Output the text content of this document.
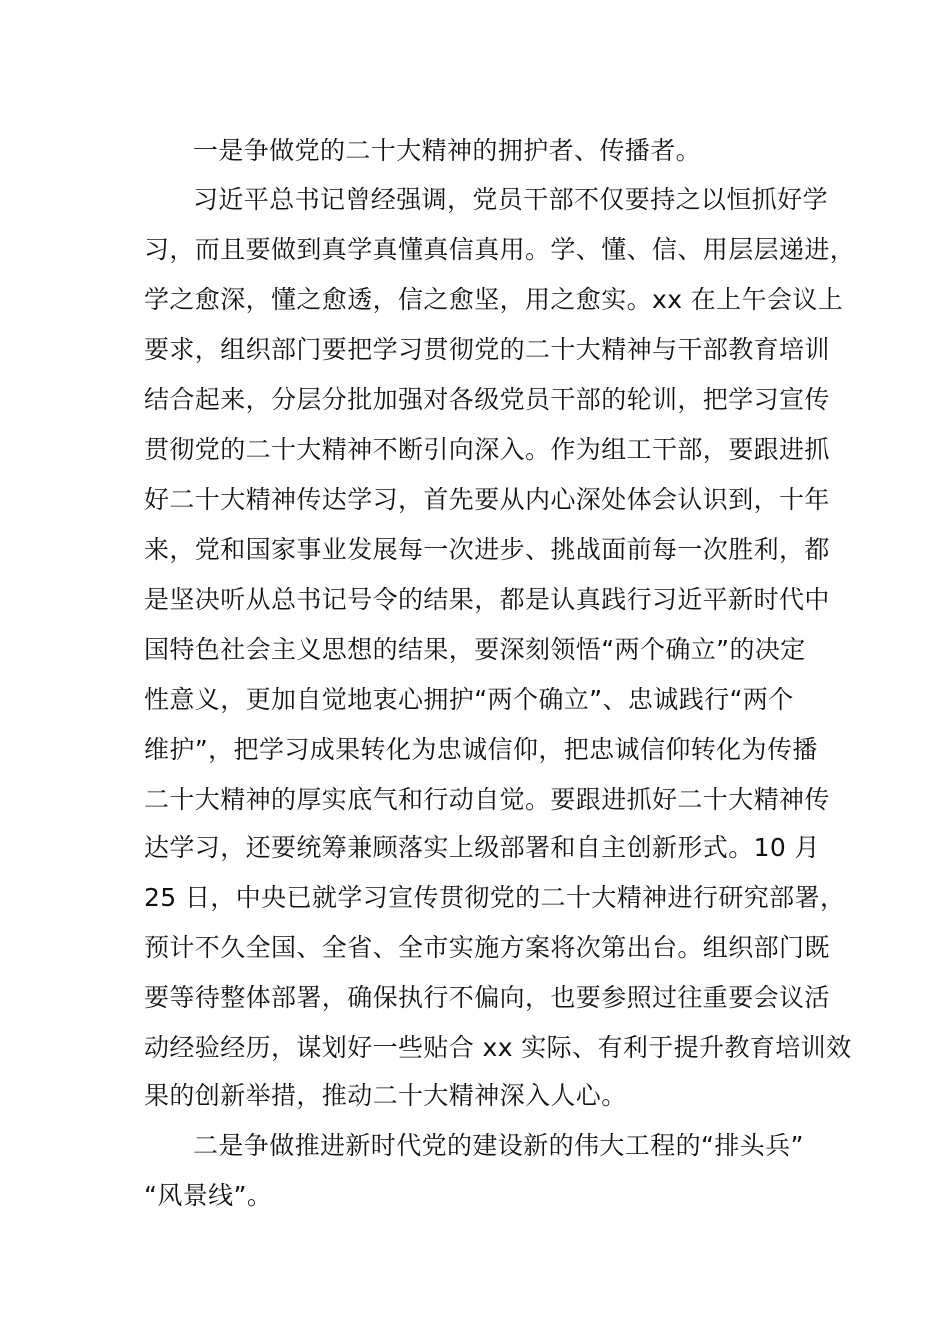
一是争做党的二十大精神的拥护者、传播者。
习近平总书记曾经强调，党员干部不仅要持之以恒抓好学
习，而且要做到真学真懂真信真用。学、懂、信、用层层递进，
学之愈深，懂之愈透，信之愈坚，用之愈实。xx 在上午会议上
要求，组织部门要把学习贯彻党的二十大精神与干部教育培训
结合起来，分层分批加强对各级党员干部的轮训，把学习宣传
贯彻党的二十大精神不断引向深入。作为组工干部，要跟进抓
好二十大精神传达学习，首先要从内心深处体会认识到，十年
来，党和国家事业发展每一次进步、挑战面前每一次胜利，都
是坚决听从总书记号令的结果，都是认真践行习近平新时代中
国特色社会主义思想的结果，要深刻领悟“两个确立”的决定
性意义，更加自觉地衷心拥护“两个确立”、忠诚践行“两个
维护”，把学习成果转化为忠诚信仰，把忠诚信仰转化为传播
二十大精神的厚实底气和行动自觉。要跟进抓好二十大精神传
达学习，还要统筹兼顾落实上级部署和自主创新形式。10 月
25 日，中央已就学习宣传贯彻党的二十大精神进行研究部署，
预计不久全国、全省、全市实施方案将次第出台。组织部门既
要等待整体部署，确保执行不偏向，也要参照过往重要会议活
动经验经历，谋划好一些贴合 xx 实际、有利于提升教育培训效
果的创新举措，推动二十大精神深入人心。
二是争做推进新时代党的建设新的伟大工程的“排头兵”
“风景线”。
